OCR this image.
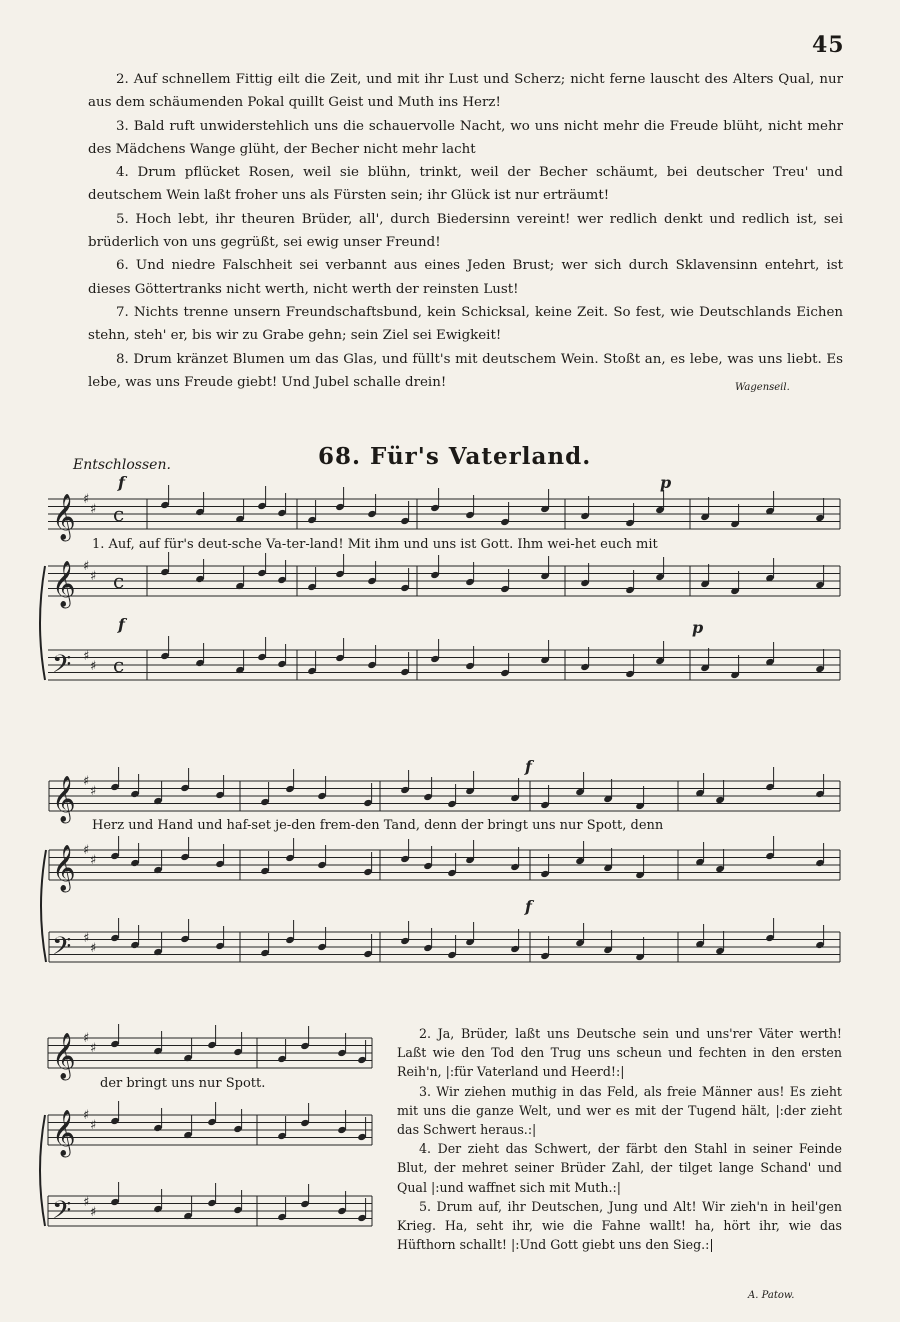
45

2. Auf schnellem Fittig eilt die Zeit, und mit ihr Lust und Scherz; nicht ferne lauscht des Alters Qual, nur aus dem schäumenden Pokal quillt Geist und Muth ins Herz!

3. Bald ruft unwiderstehlich uns die schauervolle Nacht, wo uns nicht mehr die Freude blüht, nicht mehr des Mädchens Wange glüht, der Becher nicht mehr lacht

4. Drum pflücket Rosen, weil sie blühn, trinkt, weil der Becher schäumt, bei deutscher Treu' und deutschem Wein laßt froher uns als Fürsten sein; ihr Glück ist nur erträumt!

5. Hoch lebt, ihr theuren Brüder, all', durch Biedersinn vereint! wer redlich denkt und redlich ist, sei brüderlich von uns gegrüßt, sei ewig unser Freund!

6. Und niedre Falschheit sei verbannt aus eines Jeden Brust; wer sich durch Sklavensinn entehrt, ist dieses Göttertranks nicht werth, nicht werth der reinsten Lust!

7. Nichts trenne unsern Freundschaftsbund, kein Schicksal, keine Zeit. So fest, wie Deutschlands Eichen stehn, steh' er, bis wir zu Grabe gehn; sein Ziel sei Ewigkeit!

8. Drum kränzet Blumen um das Glas, und füllt's mit deutschem Wein. Stoßt an, es lebe, was uns liebt. Es lebe, was uns Freude giebt! Und Jubel schalle drein!	Wagenseil.
Entschlossen.	68. Für's Vaterland.
𝄞 ♯
♯ c
𝄞 ♯
♯ c
𝄢 ♯
♯ c
f
f
p
p
𝄞 ♯
♯
𝄞 ♯
♯
𝄢 ♯
♯
f
f
𝄞 ♯
♯
𝄞 ♯
♯
𝄢 ♯
♯
1. Auf, auf für's deut-sche Va-ter-land! Mit ihm und uns ist Gott. Ihm wei-het euch mit
Herz und Hand und haf-set je-den frem-den Tand, denn der bringt uns nur Spott, denn
der bringt uns nur Spott.

2. Ja, Brüder, laßt uns Deutsche sein und uns'rer Väter werth! Laßt wie den Tod den Trug uns scheun und fechten in den ersten Reih'n, |:für Vaterland und Heerd!:|

3. Wir ziehen muthig in das Feld, als freie Männer aus! Es zieht mit uns die ganze Welt, und wer es mit der Tugend hält, |:der zieht das Schwert heraus.:|

4. Der zieht das Schwert, der färbt den Stahl in seiner Feinde Blut, der mehret seiner Brüder Zahl, der tilget lange Schand' und Qual |:und waffnet sich mit Muth.:|

5. Drum auf, ihr Deutschen, Jung und Alt! Wir zieh'n in heil'gen Krieg. Ha, seht ihr, wie die Fahne wallt! ha, hört ihr, wie das Hüfthorn schallt! |:Und Gott giebt uns den Sieg.:|

A. Patow.
